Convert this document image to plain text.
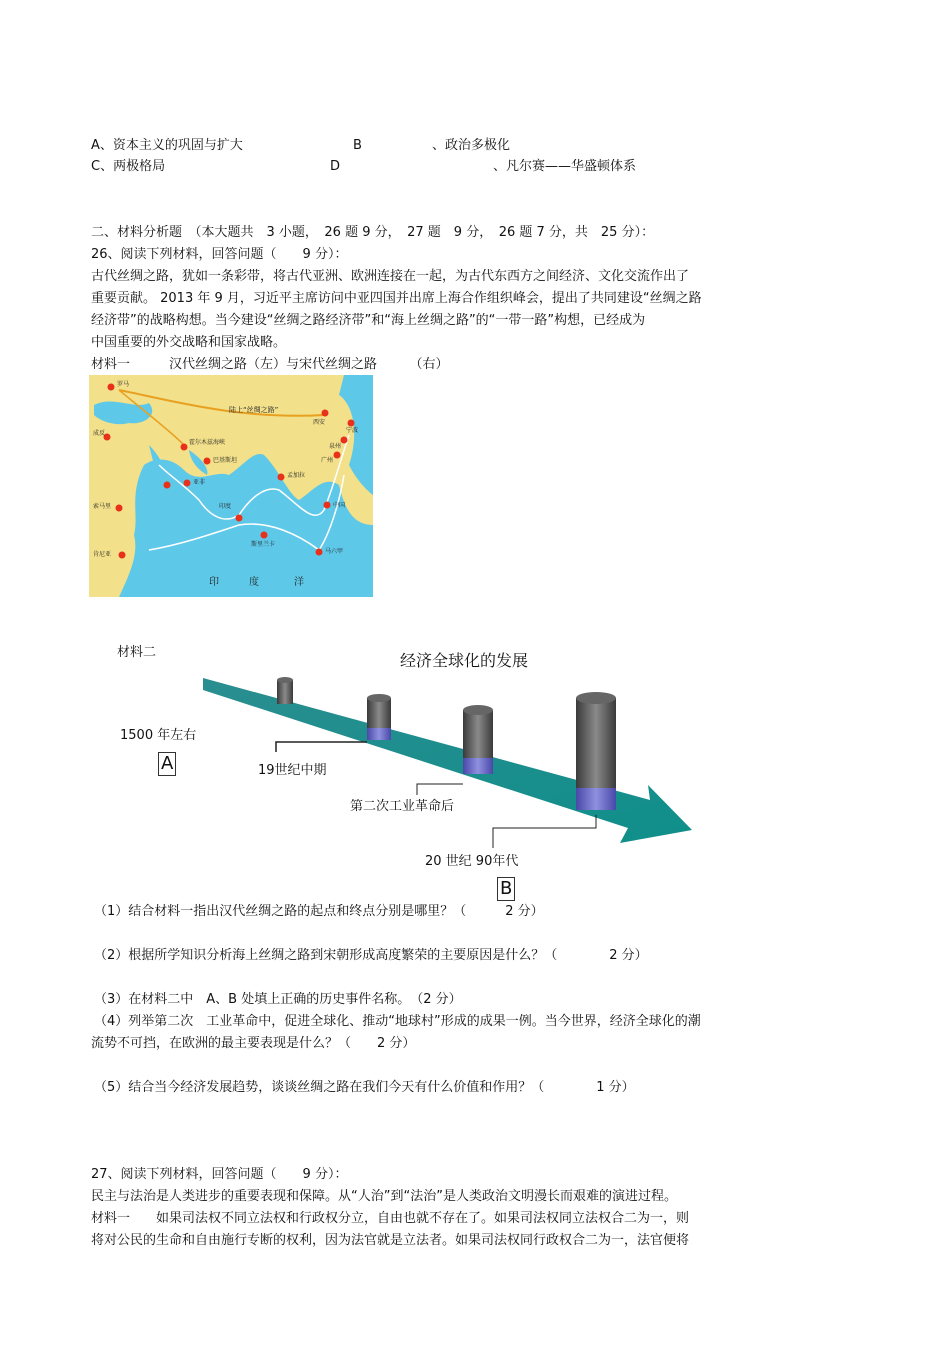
A、资本主义的巩固与扩大	B	、政治多极化
C、两极格局	D	、凡尔赛——华盛顿体系
二、材料分析题　（本大题共　3 小题，　26 题 9 分，　27 题　9 分，　26 题 7 分，共　25 分）：
26、阅读下列材料，回答问题（　　9 分）：
古代丝绸之路，犹如一条彩带，将古代亚洲、欧洲连接在一起，为古代东西方之间经济、文化交流作出了
重要贡献。 2013 年 9 月，习近平主席访问中亚四国并出席上海合作组织峰会，提出了共同建设“丝绸之路
经济带”的战略构想。当今建设“丝绸之路经济带”和“海上丝绸之路”的“一带一路”构想，已经成为
中国重要的外交战略和国家战略。
材料一　　　汉代丝绸之路（左）与宋代丝绸之路　　　（右）
陆上“丝绸之路”
罗马
西安
成反
霍尔木兹海峡
巴基斯坦
宁波
泉州
广州
孟加拉
印度	中国
索马里
斯里兰卡
肯尼亚	马六甲
亚非
印	度	洋
材料二	经济全球化的发展
1500 年左右
A	19世纪中期
第二次工业革命后
20 世纪 90年代
B
（1）结合材料一指出汉代丝绸之路的起点和终点分别是哪里？（　　　2 分）
（2）根据所学知识分析海上丝绸之路到宋朝形成高度繁荣的主要原因是什么？（　　　　2 分）
（3）在材料二中　A、B 处填上正确的历史事件名称。　（2 分）
（4）列举第二次　工业革命中，促进全球化、推动“地球村”形成的成果一例。当今世界，经济全球化的潮
流势不可挡，在欧洲的最主要表现是什么？（　　2 分）
（5）结合当今经济发展趋势，谈谈丝绸之路在我们今天有什么价值和作用？（　　　　1 分）
27、阅读下列材料，回答问题（　　9 分）：
民主与法治是人类进步的重要表现和保障。从“人治”到“法治”是人类政治文明漫长而艰难的演进过程。
材料一　　如果司法权不同立法权和行政权分立，自由也就不存在了。如果司法权同立法权合二为一，则
将对公民的生命和自由施行专断的权利，因为法官就是立法者。如果司法权同行政权合二为一，法官便将
